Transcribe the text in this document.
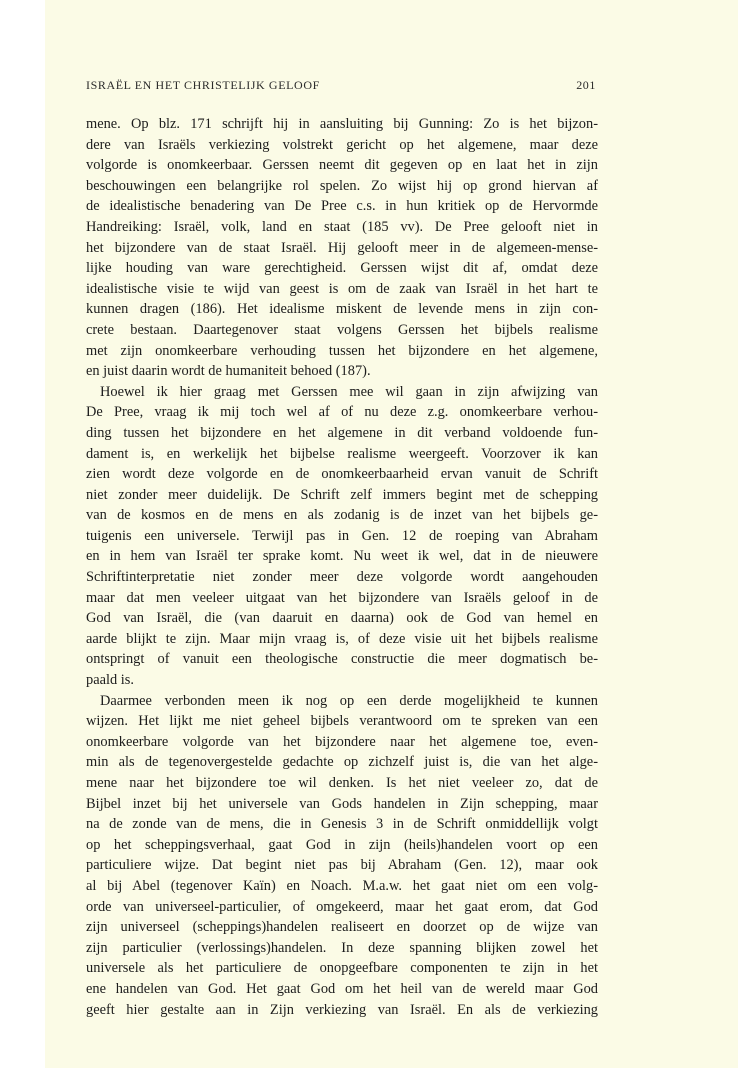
ISRAËL EN HET CHRISTELIJK GELOOF	201
mene. Op blz. 171 schrijft hij in aansluiting bij Gunning: Zo is het bijzon-
dere van Israëls verkiezing volstrekt gericht op het algemene, maar deze
volgorde is onomkeerbaar. Gerssen neemt dit gegeven op en laat het in zijn
beschouwingen een belangrijke rol spelen. Zo wijst hij op grond hiervan af
de idealistische benadering van De Pree c.s. in hun kritiek op de Hervormde
Handreiking: Israël, volk, land en staat (185 vv). De Pree gelooft niet in
het bijzondere van de staat Israël. Hij gelooft meer in de algemeen-mense-
lijke houding van ware gerechtigheid. Gerssen wijst dit af, omdat deze
idealistische visie te wijd van geest is om de zaak van Israël in het hart te
kunnen dragen (186). Het idealisme miskent de levende mens in zijn con-
crete bestaan. Daartegenover staat volgens Gerssen het bijbels realisme
met zijn onomkeerbare verhouding tussen het bijzondere en het algemene,
en juist daarin wordt de humaniteit behoed (187).
Hoewel ik hier graag met Gerssen mee wil gaan in zijn afwijzing van
De Pree, vraag ik mij toch wel af of nu deze z.g. onomkeerbare verhou-
ding tussen het bijzondere en het algemene in dit verband voldoende fun-
dament is, en werkelijk het bijbelse realisme weergeeft. Voorzover ik kan
zien wordt deze volgorde en de onomkeerbaarheid ervan vanuit de Schrift
niet zonder meer duidelijk. De Schrift zelf immers begint met de schepping
van de kosmos en de mens en als zodanig is de inzet van het bijbels ge-
tuigenis een universele. Terwijl pas in Gen. 12 de roeping van Abraham
en in hem van Israël ter sprake komt. Nu weet ik wel, dat in de nieuwere
Schriftinterpretatie niet zonder meer deze volgorde wordt aangehouden
maar dat men veeleer uitgaat van het bijzondere van Israëls geloof in de
God van Israël, die (van daaruit en daarna) ook de God van hemel en
aarde blijkt te zijn. Maar mijn vraag is, of deze visie uit het bijbels realisme
ontspringt of vanuit een theologische constructie die meer dogmatisch be-
paald is.
Daarmee verbonden meen ik nog op een derde mogelijkheid te kunnen
wijzen. Het lijkt me niet geheel bijbels verantwoord om te spreken van een
onomkeerbare volgorde van het bijzondere naar het algemene toe, even-
min als de tegenovergestelde gedachte op zichzelf juist is, die van het alge-
mene naar het bijzondere toe wil denken. Is het niet veeleer zo, dat de
Bijbel inzet bij het universele van Gods handelen in Zijn schepping, maar
na de zonde van de mens, die in Genesis 3 in de Schrift onmiddellijk volgt
op het scheppingsverhaal, gaat God in zijn (heils)handelen voort op een
particuliere wijze. Dat begint niet pas bij Abraham (Gen. 12), maar ook
al bij Abel (tegenover Kaïn) en Noach. M.a.w. het gaat niet om een volg-
orde van universeel-particulier, of omgekeerd, maar het gaat erom, dat God
zijn universeel (scheppings)handelen realiseert en doorzet op de wijze van
zijn particulier (verlossings)handelen. In deze spanning blijken zowel het
universele als het particuliere de onopgeefbare componenten te zijn in het
ene handelen van God. Het gaat God om het heil van de wereld maar God
geeft hier gestalte aan in Zijn verkiezing van Israël. En als de verkiezing
